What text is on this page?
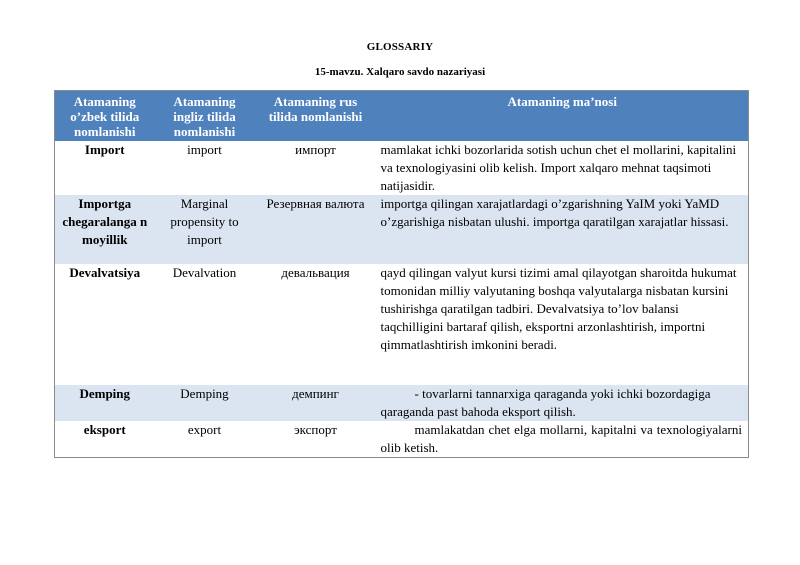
GLOSSARIY
15-mavzu. Xalqaro savdo nazariyasi
Atamaning o’zbek tilida nomlanishi	Atamaning ingliz tilida nomlanishi	Atamaning rus tilida nomlanishi	Atamaning ma’nosi
Import	import	импорт	mamlakat ichki bozorlarida sotish uchun chet el mollarini, kapitalini va texnologiyasini olib kelish. Import xalqaro mehnat taqsimoti natijasidir.
Importga chegaralanga n moyillik	Marginal propensity to import	Резервная валюта	importga qilingan xarajatlardagi o’zgarishning YaIM yoki YaMD o’zgarishiga nisbatan ulushi. importga qaratilgan xarajatlar hissasi.
Devalvatsiya	Devalvation	девальвация	qayd qilingan valyut kursi tizimi amal qilayotgan sharoitda hukumat tomonidan milliy valyutaning boshqa valyutalarga nisbatan kursini tushirishga qaratilgan tadbiri. Devalvatsiya to’lov balansi taqchilligini bartaraf qilish, eksportni arzonlashtirish, importni qimmatlashtirish imkonini beradi.
Demping	Demping	демпинг	- tovarlarni tannarxiga qaraganda yoki ichki bozordagiga qaraganda past bahoda eksport qilish.
eksport	export	экспорт	mamlakatdan chet elga mollarni, kapitalni va texnologiyalarni olib ketish.
